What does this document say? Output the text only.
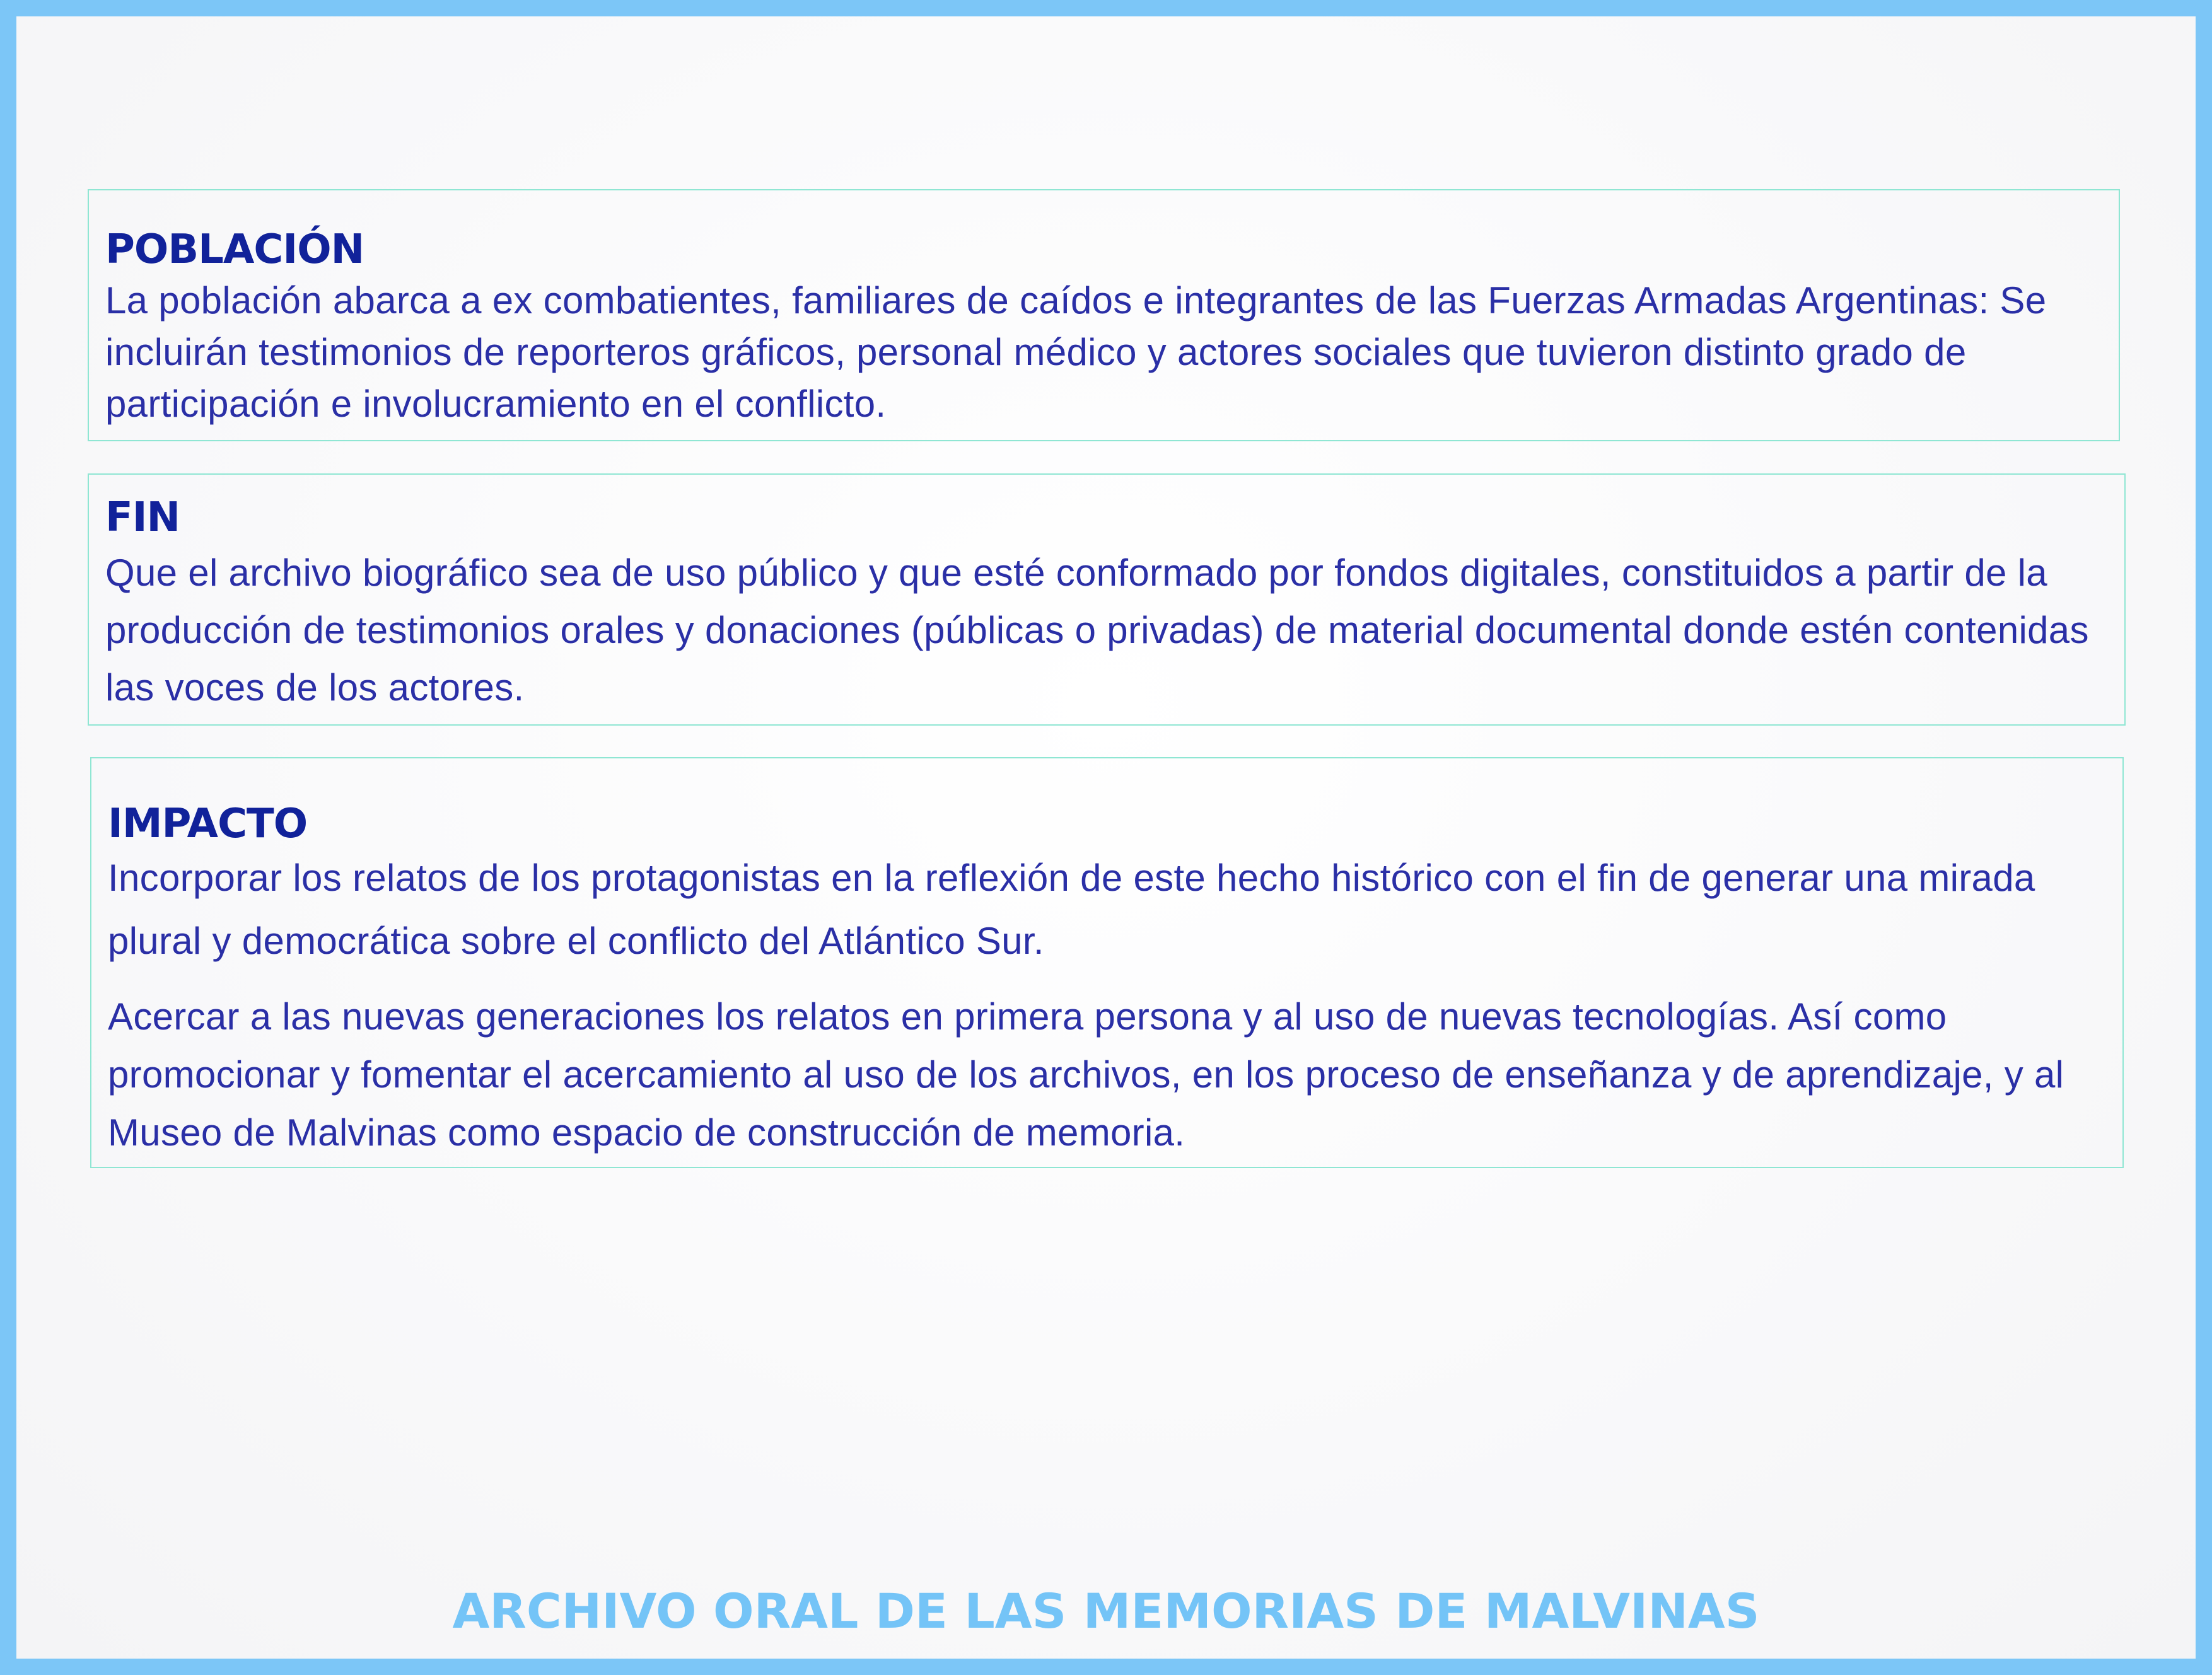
POBLACIÓN

La población abarca a ex combatientes, familiares de caídos e integrantes de las Fuerzas Armadas Argentinas: Se incluirán testimonios de reporteros gráficos, personal médico y actores sociales que tuvieron distinto grado de participación e involucramiento en el conflicto.

FIN

Que el archivo biográfico sea de uso público y que esté conformado por fondos digitales, constituidos a partir de la producción de testimonios orales y donaciones (públicas o privadas) de material documental donde estén contenidas las voces de los actores.

IMPACTO

Incorporar los relatos de los protagonistas en la reflexión de este hecho histórico con el fin de generar una mirada plural y democrática sobre el conflicto del Atlántico Sur.

Acercar a las nuevas generaciones los relatos en primera persona y al uso de nuevas tecnologías. Así como promocionar y fomentar el acercamiento al uso de los archivos, en los proceso de enseñanza y de aprendizaje, y al Museo de Malvinas como espacio de construcción de memoria.

ARCHIVO ORAL DE LAS MEMORIAS DE MALVINAS
